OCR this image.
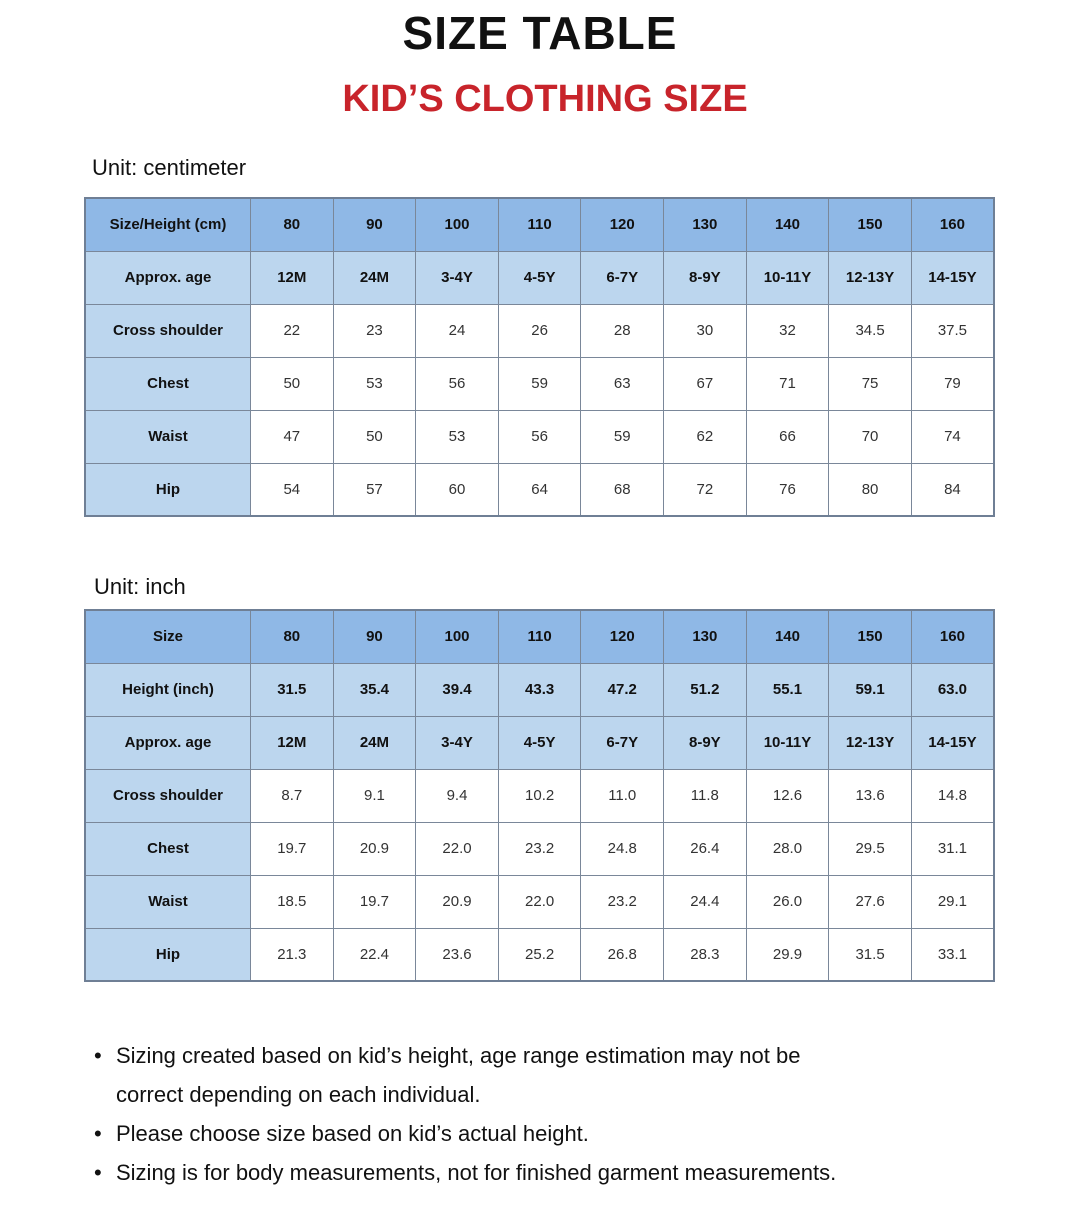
SIZE TABLE
KID’S CLOTHING SIZE
Unit: centimeter
Size/Height (cm)	80	90	100	110	120	130	140	150	160
Approx. age	12M	24M	3-4Y	4-5Y	6-7Y	8-9Y	10-11Y	12-13Y	14-15Y
Cross shoulder	22	23	24	26	28	30	32	34.5	37.5
Chest	50	53	56	59	63	67	71	75	79
Waist	47	50	53	56	59	62	66	70	74
Hip	54	57	60	64	68	72	76	80	84
Unit: inch
Size	80	90	100	110	120	130	140	150	160
Height (inch)	31.5	35.4	39.4	43.3	47.2	51.2	55.1	59.1	63.0
Approx. age	12M	24M	3-4Y	4-5Y	6-7Y	8-9Y	10-11Y	12-13Y	14-15Y
Cross shoulder	8.7	9.1	9.4	10.2	11.0	11.8	12.6	13.6	14.8
Chest	19.7	20.9	22.0	23.2	24.8	26.4	28.0	29.5	31.1
Waist	18.5	19.7	20.9	22.0	23.2	24.4	26.0	27.6	29.1
Hip	21.3	22.4	23.6	25.2	26.8	28.3	29.9	31.5	33.1
• Sizing created based on kid’s height, age range estimation may not be
correct depending on each individual.
• Please choose size based on kid’s actual height.
• Sizing is for body measurements, not for finished garment measurements.
